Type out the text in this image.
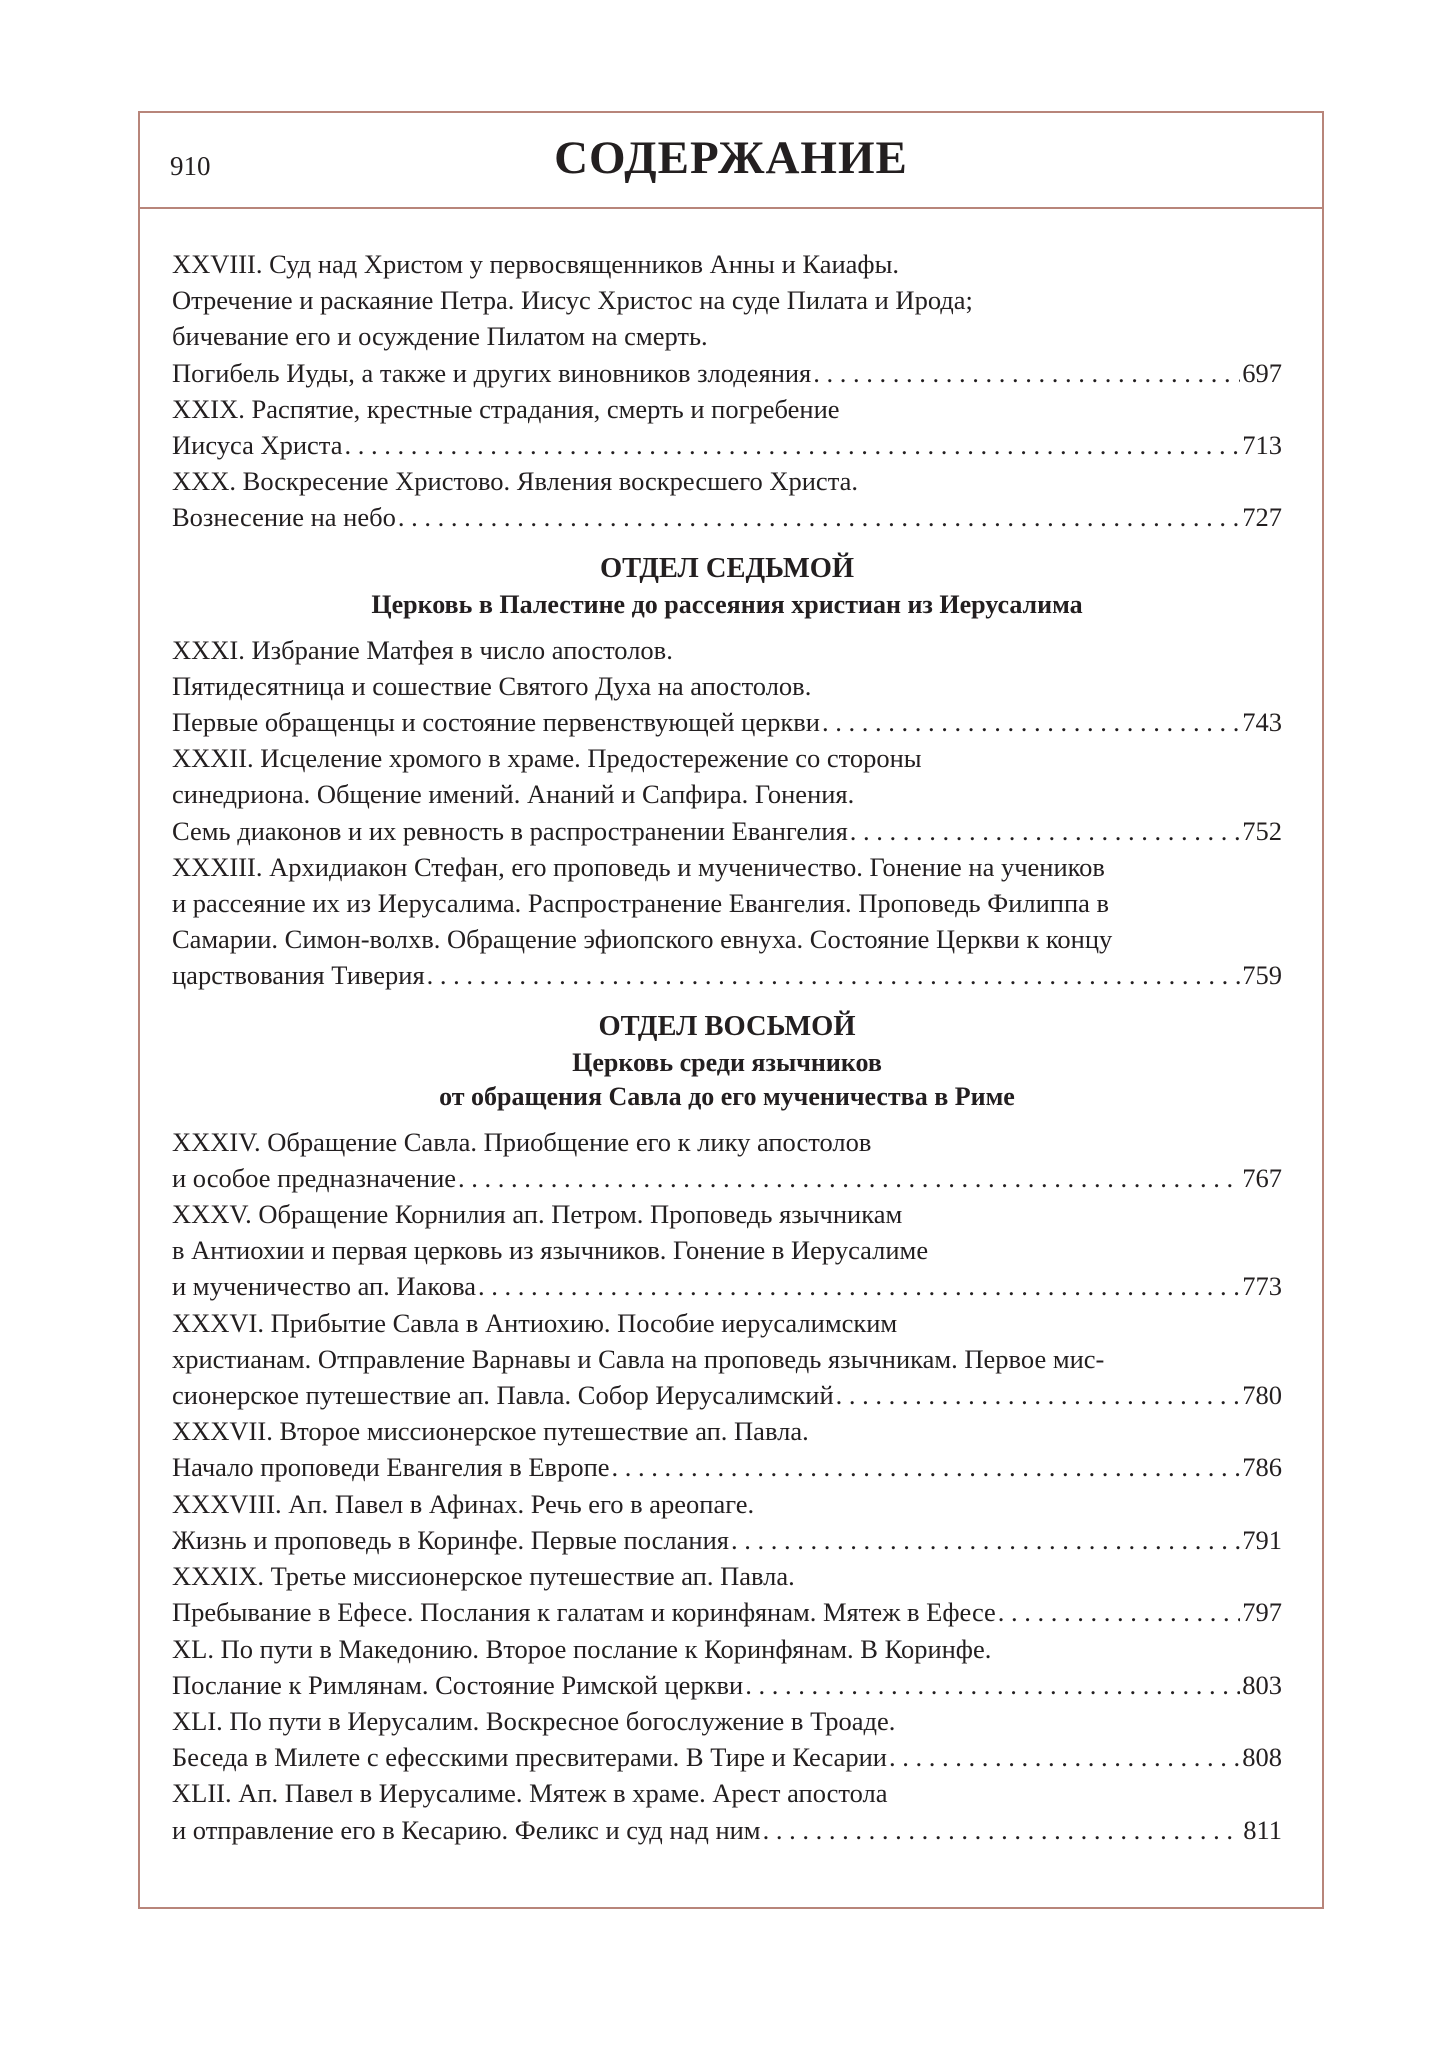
910	СОДЕРЖАНИЕ
XXVIII. Суд над Христом у первосвященников Анны и Каиафы.
Отречение и раскаяние Петра. Иисус Христос на суде Пилата и Ирода;
бичевание его и осуждение Пилатом на смерть.
Погибель Иуды, а также и других виновников злодеяния . . .	697
XXIX. Распятие, крестные страдания, смерть и погребение
Иисуса Христа . . .	713
XXX. Воскресение Христово. Явления воскресшего Христа.
Вознесение на небо . . .	727
ОТДЕЛ СЕДЬМОЙ
Церковь в Палестине до рассеяния христиан из Иерусалима
XXXI. Избрание Матфея в число апостолов.
Пятидесятница и сошествие Святого Духа на апостолов.
Первые обращенцы и состояние первенствующей церкви . . .	743
XXXII. Исцеление хромого в храме. Предостережение со стороны
синедриона. Общение имений. Ананий и Сапфира. Гонения.
Семь диаконов и их ревность в распространении Евангелия . . .	752
XXXIII. Архидиакон Стефан, его проповедь и мученичество. Гонение на учеников
и рассеяние их из Иерусалима. Распространение Евангелия. Проповедь Филиппа в
Самарии. Симон-волхв. Обращение эфиопского евнуха. Состояние Церкви к концу
царствования Тиверия . . .	759
ОТДЕЛ ВОСЬМОЙ
Церковь среди язычников
от обращения Савла до его мученичества в Риме
XXXIV. Обращение Савла. Приобщение его к лику апостолов
и особое предназначение . . .	767
XXXV. Обращение Корнилия ап. Петром. Проповедь язычникам
в Антиохии и первая церковь из язычников. Гонение в Иерусалиме
и мученичество ап. Иакова . . .	773
XXXVI. Прибытие Савла в Антиохию. Пособие иерусалимским
христианам. Отправление Варнавы и Савла на проповедь язычникам. Первое мис-
сионерское путешествие ап. Павла. Собор Иерусалимский . . .	780
XXXVII. Второе миссионерское путешествие ап. Павла.
Начало проповеди Евангелия в Европе . . .	786
XXXVIII. Ап. Павел в Афинах. Речь его в ареопаге.
Жизнь и проповедь в Коринфе. Первые послания . . .	791
XXXIX. Третье миссионерское путешествие ап. Павла.
Пребывание в Ефесе. Послания к галатам и коринфянам. Мятеж в Ефесе . . .	797
XL. По пути в Македонию. Второе послание к Коринфянам. В Коринфе.
Послание к Римлянам. Состояние Римской церкви . . .	803
XLI. По пути в Иерусалим. Воскресное богослужение в Троаде.
Беседа в Милете с ефесскими пресвитерами. В Тире и Кесарии . . .	808
XLII. Ап. Павел в Иерусалиме. Мятеж в храме. Арест апостола
и отправление его в Кесарию. Феликс и суд над ним . . .	811
